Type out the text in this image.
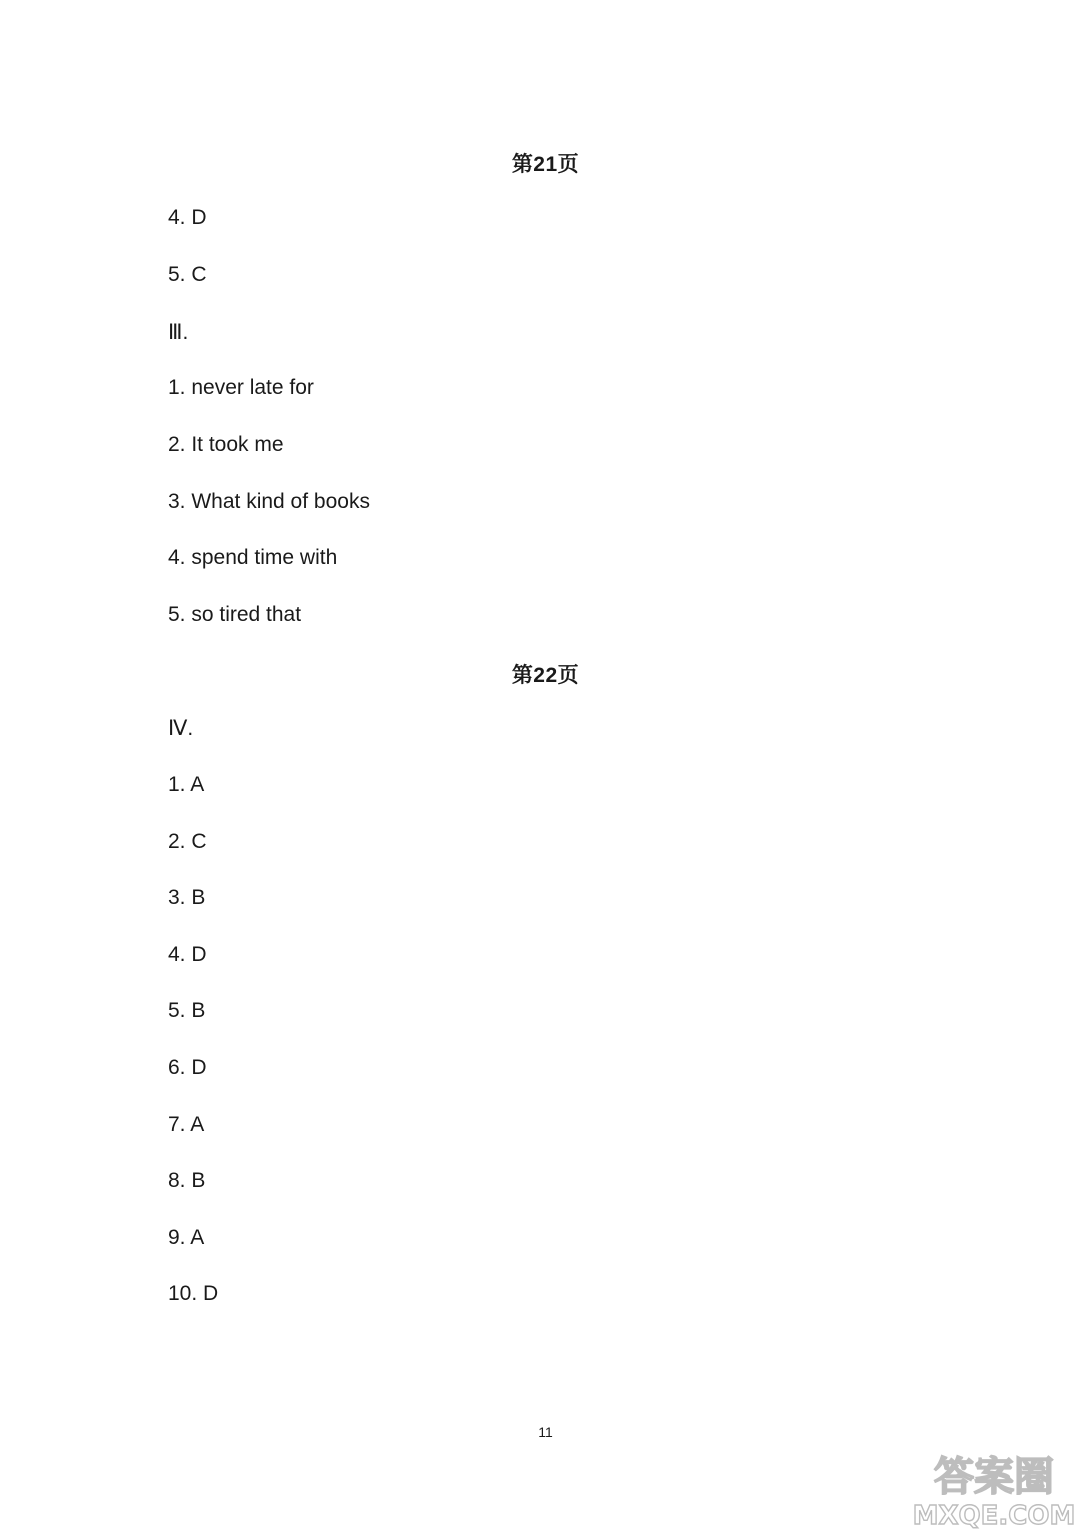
第21页
4. D
5. C
Ⅲ.
1. never late for
2. It took me
3. What kind of books
4. spend time with
5. so tired that
第22页
Ⅳ.
1. A
2. C
3. B
4. D
5. B
6. D
7. A
8. B
9. A
10. D
11
答案圈
MXQE.COM
